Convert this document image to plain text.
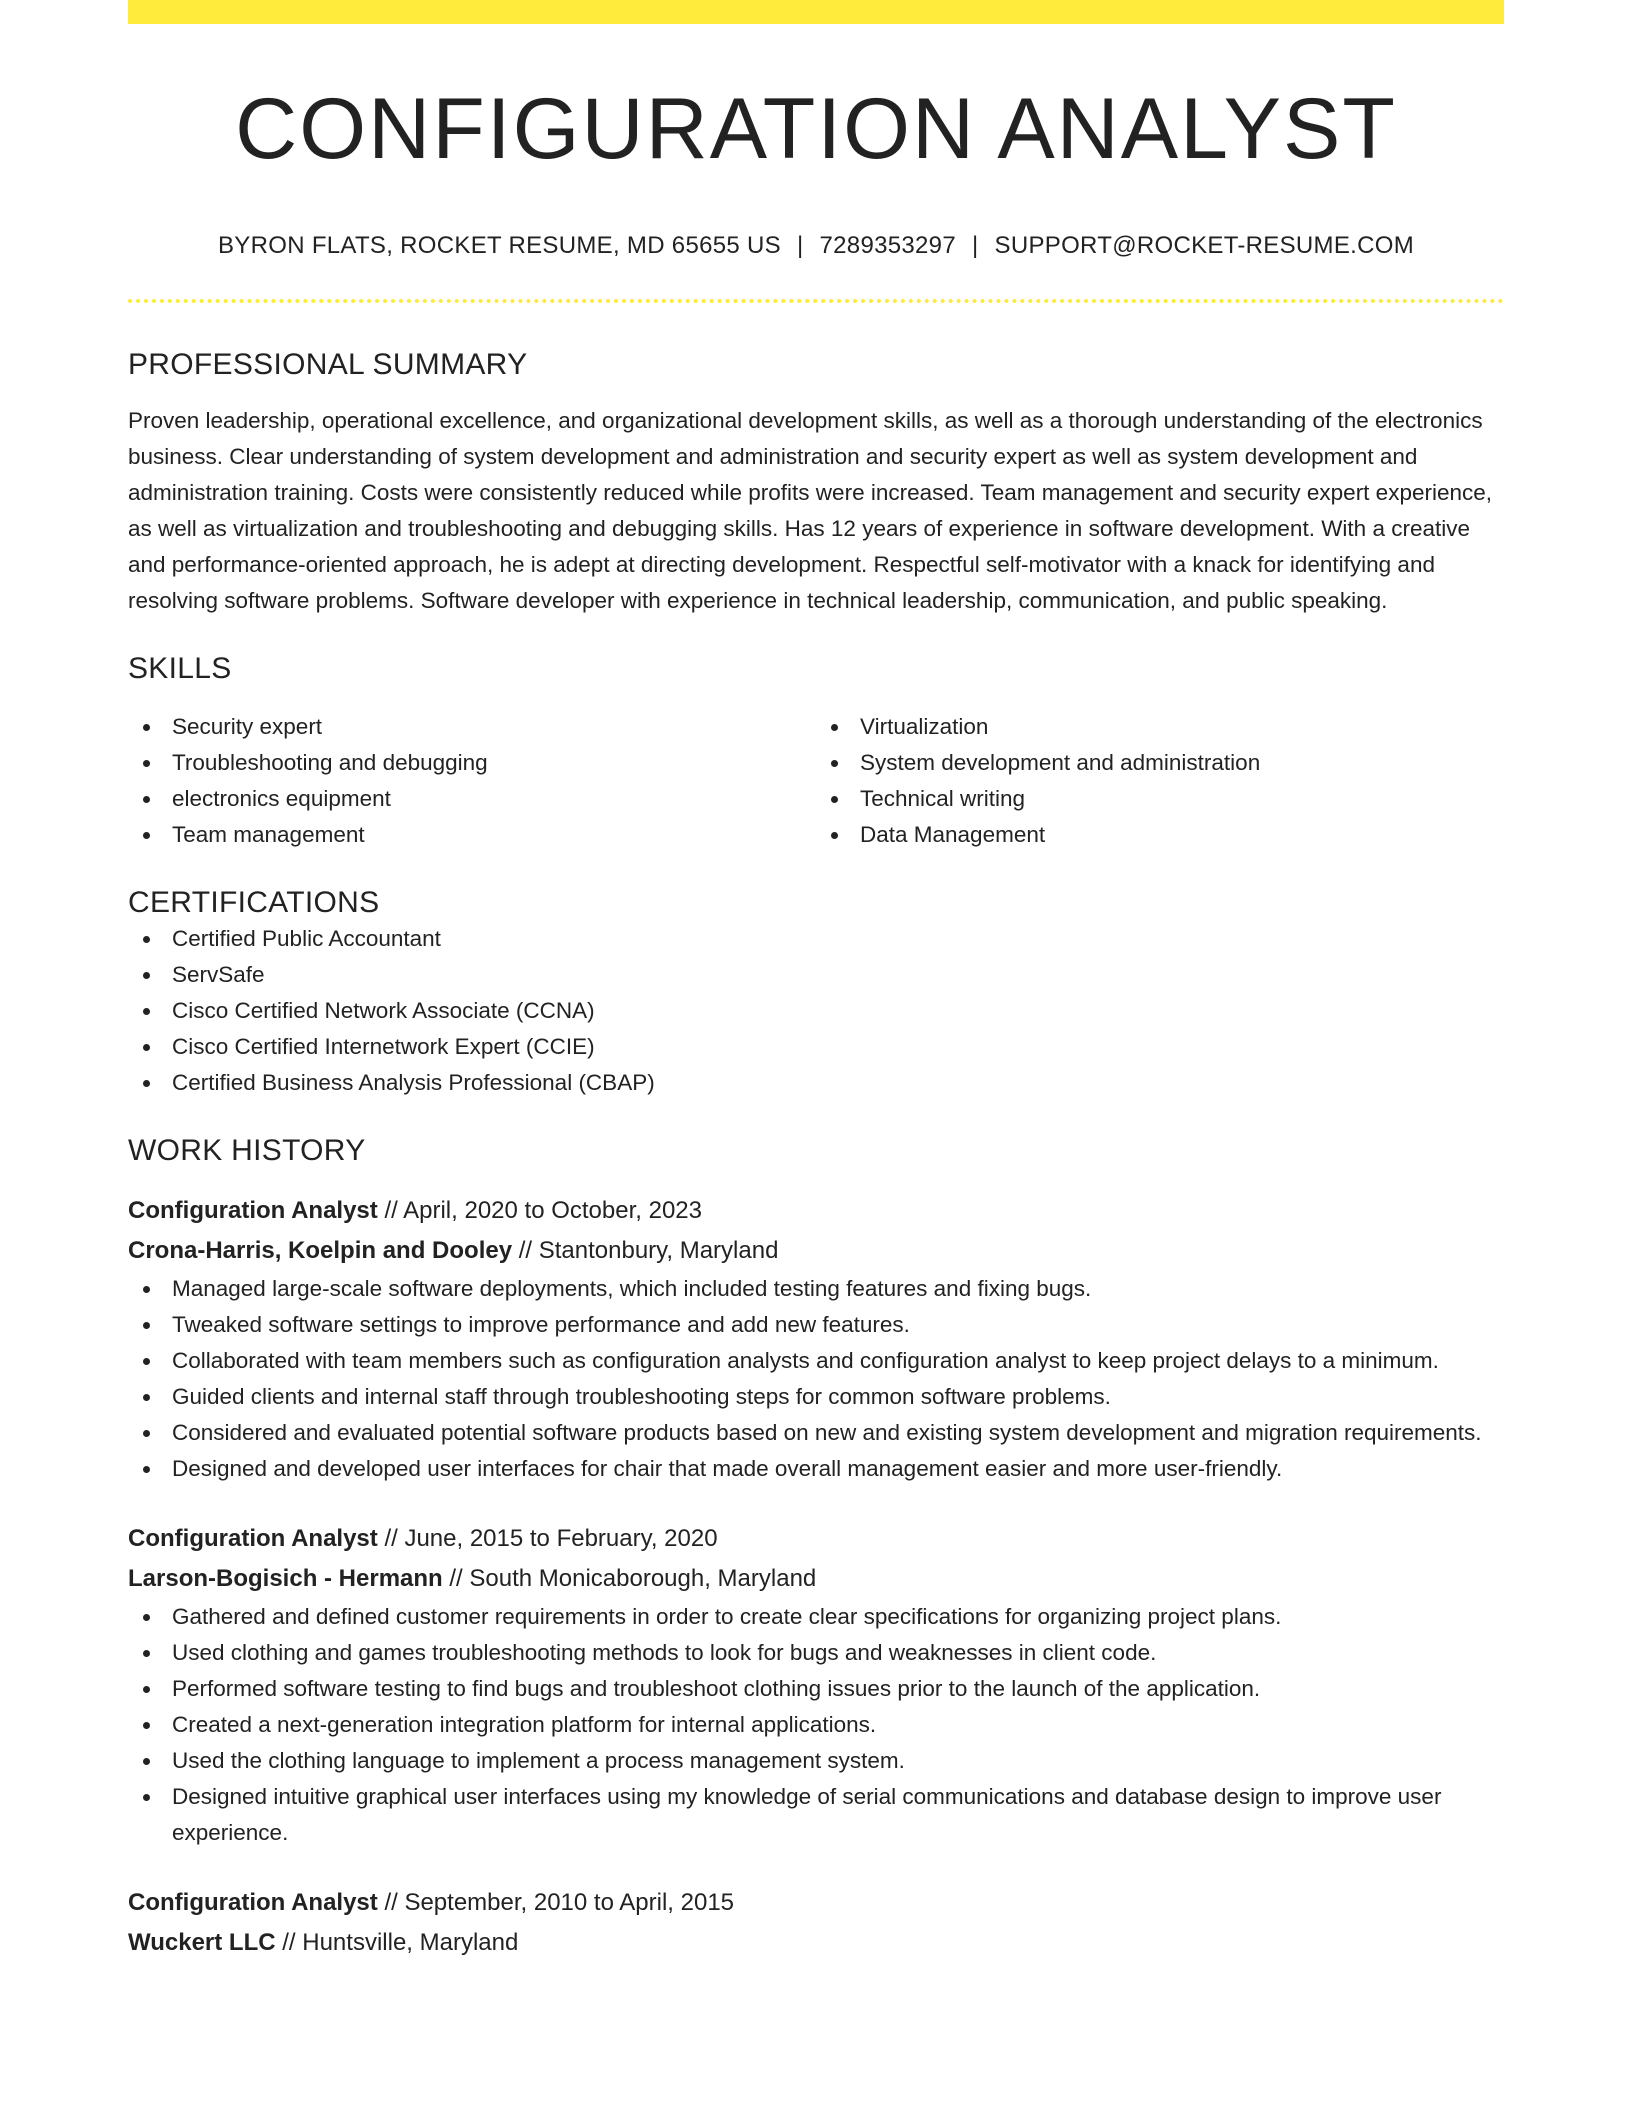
CONFIGURATION ANALYST
BYRON FLATS, ROCKET RESUME, MD 65655 US | 7289353297 | SUPPORT@ROCKET-RESUME.COM
PROFESSIONAL SUMMARY

Proven leadership, operational excellence, and organizational development skills, as well as a thorough understanding of the electronics business. Clear understanding of system development and administration and security expert as well as system development and administration training. Costs were consistently reduced while profits were increased. Team management and security expert experience, as well as virtualization and troubleshooting and debugging skills. Has 12 years of experience in software development. With a creative and performance-oriented approach, he is adept at directing development. Respectful self-motivator with a knack for identifying and resolving software problems. Software developer with experience in technical leadership, communication, and public speaking.

SKILLS
Security expert
Troubleshooting and debugging
electronics equipment
Team management
Virtualization
System development and administration
Technical writing
Data Management
CERTIFICATIONS
Certified Public Accountant
ServSafe
Cisco Certified Network Associate (CCNA)
Cisco Certified Internetwork Expert (CCIE)
Certified Business Analysis Professional (CBAP)
WORK HISTORY
Configuration Analyst // April, 2020 to October, 2023
Crona-Harris, Koelpin and Dooley // Stantonbury, Maryland
Managed large-scale software deployments, which included testing features and fixing bugs.
Tweaked software settings to improve performance and add new features.
Collaborated with team members such as configuration analysts and configuration analyst to keep project delays to a minimum.
Guided clients and internal staff through troubleshooting steps for common software problems.
Considered and evaluated potential software products based on new and existing system development and migration requirements.
Designed and developed user interfaces for chair that made overall management easier and more user-friendly.
Configuration Analyst // June, 2015 to February, 2020
Larson-Bogisich - Hermann // South Monicaborough, Maryland
Gathered and defined customer requirements in order to create clear specifications for organizing project plans.
Used clothing and games troubleshooting methods to look for bugs and weaknesses in client code.
Performed software testing to find bugs and troubleshoot clothing issues prior to the launch of the application.
Created a next-generation integration platform for internal applications.
Used the clothing language to implement a process management system.
Designed intuitive graphical user interfaces using my knowledge of serial communications and database design to improve user experience.
Configuration Analyst // September, 2010 to April, 2015
Wuckert LLC // Huntsville, Maryland
